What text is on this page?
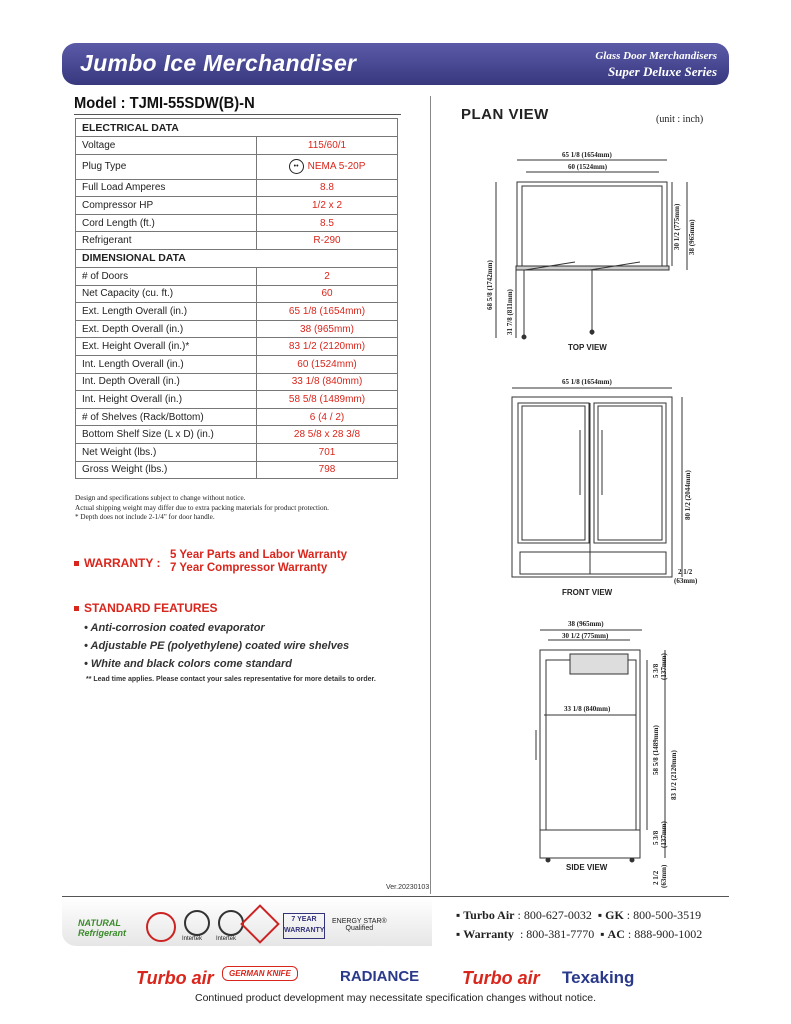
Jumbo Ice Merchandiser	Glass Door Merchandisers
Super Deluxe Series
Model : TJMI-55SDW(B)-N
ELECTRICAL DATA	
Voltage	115/60/1
Plug Type	•• NEMA 5-20P
Full Load Amperes	8.8
Compressor HP	1/2 x 2
Cord Length (ft.)	8.5
Refrigerant	R-290
DIMENSIONAL DATA	
# of Doors	2
Net Capacity (cu. ft.)	60
Ext. Length Overall (in.)	65 1/8 (1654mm)
Ext. Depth Overall (in.)	38 (965mm)
Ext. Height Overall (in.)*	83 1/2 (2120mm)
Int. Length Overall (in.)	60 (1524mm)
Int. Depth Overall (in.)	33 1/8 (840mm)
Int. Height Overall (in.)	58 5/8 (1489mm)
# of Shelves (Rack/Bottom)	6 (4 / 2)
Bottom Shelf Size (L x D) (in.)	28 5/8 x 28 3/8
Net Weight (lbs.)	701
Gross Weight (lbs.)	798
Design and specifications subject to change without notice.
Actual shipping weight may differ due to extra packing materials for product protection.
* Depth does not include 2-1/4" for door handle.
WARRANTY :
5 Year Parts and Labor Warranty
7 Year Compressor Warranty
STANDARD FEATURES
• Anti-corrosion coated evaporator
• Adjustable PE (polyethylene) coated wire shelves
• White and black colors come standard
** Lead time applies. Please contact your sales representative for more details to order.
Ver.20230103
PLAN VIEW	(unit : inch)
65 1/8 (1654mm)
60 (1524mm)
68 5/8 (1742mm)
31 7/8 (811mm)
30 1/2 (775mm) 38 (965mm)
65 1/8 (1654mm)
80 1/2 (2044mm)
2 1/2
(63mm)
38 (965mm)
30 1/2 (775mm)
33 1/8 (840mm)
5 3/8 (137mm)
58 5/8 (1489mm)
83 1/2 (2120mm)
5 3/8 (137mm)
2 1/2 (63mm)
TOP VIEW
FRONT VIEW
SIDE VIEW
NATURAL
Refrigerant
Intertek Intertek
7 YEAR
WARRANTY
ENERGY STAR®
Qualified
▪ Turbo Air : 800-627-0032  ▪ GK : 800-500-3519
▪ Warranty  : 800-381-7770  ▪ AC : 888-900-1002
Turbo air	GERMAN KNIFE	RADIANCE Turbo air Texaking
Continued product development may necessitate specification changes without notice.
